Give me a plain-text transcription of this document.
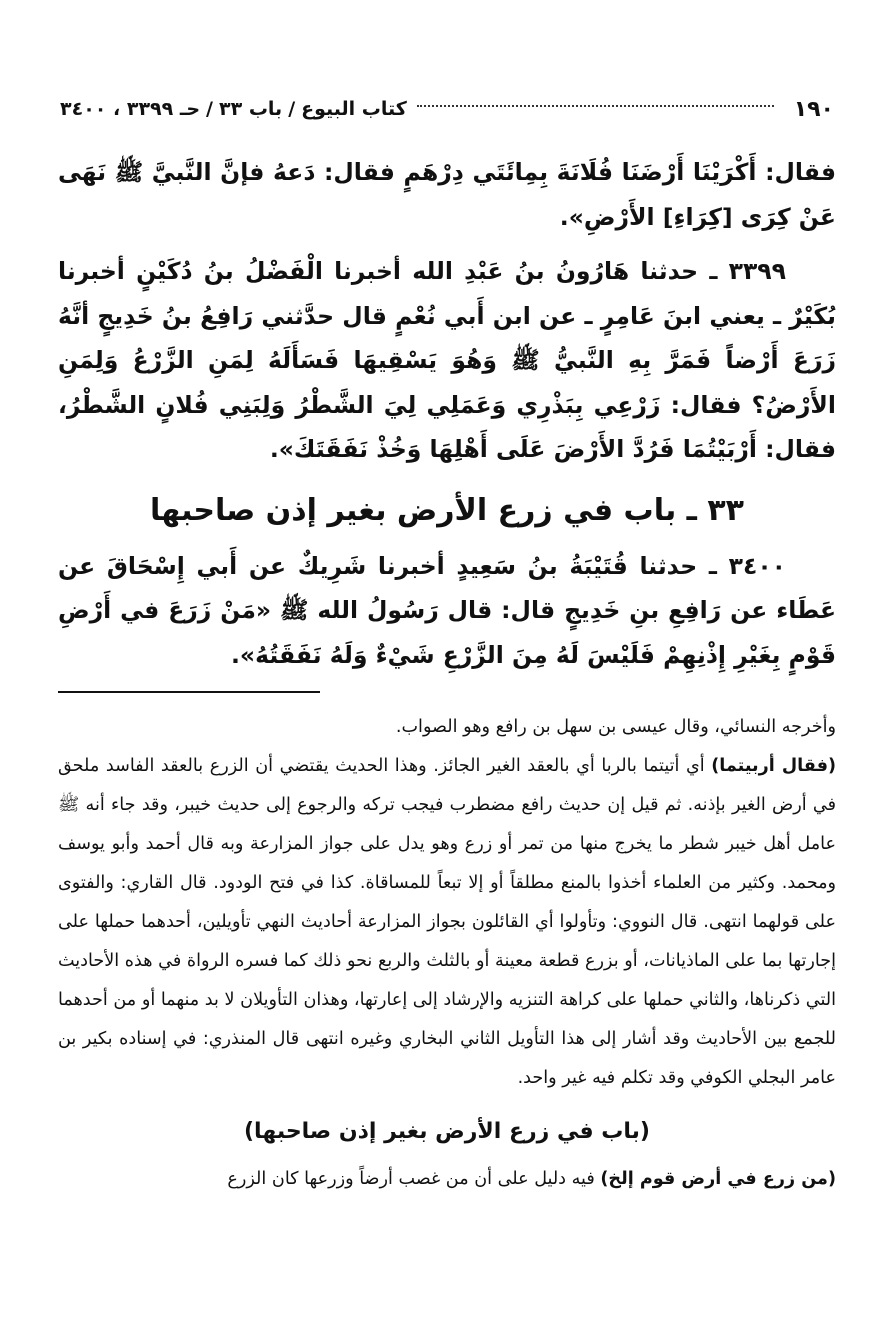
١٩٠
كتاب البيوع/باب ٣٣/حـ ٣٣٩٩ ، ٣٤٠٠

فقال: أَكْرَيْنَا أَرْضَنَا فُلَانَةَ بِمِائَتَي دِرْهَمٍ فقال: دَعهُ فإنَّ النَّبيَّ ﷺ نَهَى عَنْ كِرَى [كِرَاءِ] الأَرْضِ».

٣٣٩٩ ـ حدثنا هَارُونُ بنُ عَبْدِ الله أخبرنا الْفَضْلُ بنُ دُكَيْنٍ أخبرنا بُكَيْرٌ ـ يعني ابنَ عَامِرٍ ـ عن ابن أَبي نُعْمٍ قال حدَّثني رَافِعُ بنُ خَدِيجٍ أنَّهُ زَرَعَ أَرْضاً فَمَرَّ بِهِ النَّبيُّ ﷺ وَهُوَ يَسْقِيهَا فَسَأَلَهُ لِمَنِ الزَّرْعُ وَلِمَنِ الأَرْضُ؟ فقال: زَرْعِي بِبَذْرِي وَعَمَلِي لِيَ الشَّطْرُ وَلِبَنِي فُلانٍ الشَّطْرُ، فقال: أَرْبَيْتُمَا فَرُدَّ الأَرْضَ عَلَى أَهْلِهَا وَخُذْ نَفَقَتَكَ».

٣٣ ـ باب في زرع الأرض بغير إذن صاحبها

٣٤٠٠ ـ حدثنا قُتَيْبَةُ بنُ سَعِيدٍ أخبرنا شَرِيكٌ عن أَبي إِسْحَاقَ عن عَطَاء عن رَافِعِ بنِ خَدِيجٍ قال: قال رَسُولُ الله ﷺ «مَنْ زَرَعَ في أَرْضِ قَوْمٍ بِغَيْرِ إِذْنِهِمْ فَلَيْسَ لَهُ مِنَ الزَّرْعِ شَيْءٌ وَلَهُ نَفَقَتُهُ».

وأخرجه النسائي، وقال عيسى بن سهل بن رافع وهو الصواب.

(فقال أربيتما) أي أتيتما بالربا أي بالعقد الغير الجائز. وهذا الحديث يقتضي أن الزرع بالعقد الفاسد ملحق في أرض الغير بإذنه. ثم قيل إن حديث رافع مضطرب فيجب تركه والرجوع إلى حديث خيبر، وقد جاء أنه ﷺ عامل أهل خيبر شطر ما يخرج منها من تمر أو زرع وهو يدل على جواز المزارعة وبه قال أحمد وأبو يوسف ومحمد. وكثير من العلماء أخذوا بالمنع مطلقاً أو إلا تبعاً للمساقاة. كذا في فتح الودود. قال القاري: والفتوى على قولهما انتهى. قال النووي: وتأولوا أي القائلون بجواز المزارعة أحاديث النهي تأويلين، أحدهما حملها على إجارتها بما على الماذيانات، أو بزرع قطعة معينة أو بالثلث والربع نحو ذلك كما فسره الرواة في هذه الأحاديث التي ذكرناها، والثاني حملها على كراهة التنزيه والإرشاد إلى إعارتها، وهذان التأويلان لا بد منهما أو من أحدهما للجمع بين الأحاديث وقد أشار إلى هذا التأويل الثاني البخاري وغيره انتهى قال المنذري: في إسناده بكير بن عامر البجلي الكوفي وقد تكلم فيه غير واحد.

(باب في زرع الأرض بغير إذن صاحبها)

(من زرع في أرض قوم إلخ) فيه دليل على أن من غصب أرضاً وزرعها كان الزرع
